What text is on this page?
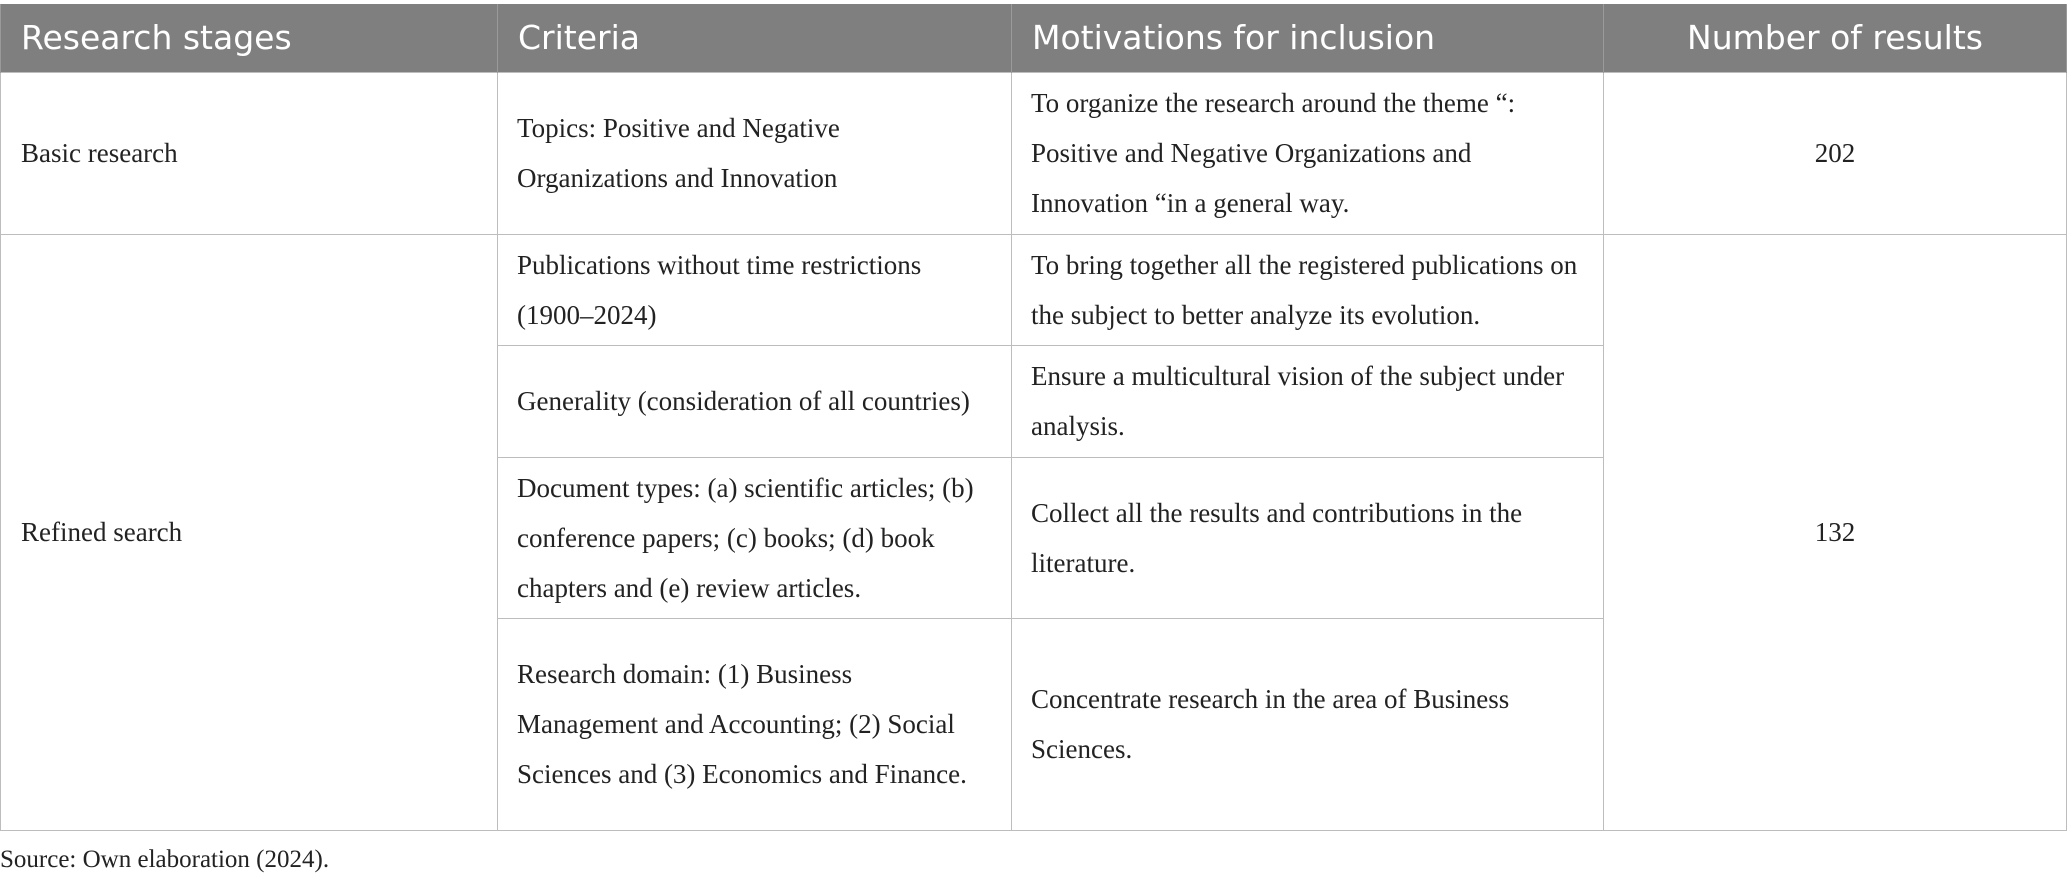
Research stages	Criteria	Motivations for inclusion	Number of results
Basic research	Topics: Positive and Negative Organizations and Innovation	To organize the research around the theme “: Positive and Negative Organizations and Innovation “in a general way.	202
Refined search	Publications without time restrictions (1900–2024)	To bring together all the registered publications on the subject to better analyze its evolution.	132
	Generality (consideration of all countries)	Ensure a multicultural vision of the subject under analysis.	
	Document types: (a) scientific articles; (b) conference papers; (c) books; (d) book chapters and (e) review articles.	Collect all the results and contributions in the literature.	
	Research domain: (1) Business Management and Accounting; (2) Social Sciences and (3) Economics and Finance.	Concentrate research in the area of Business Sciences.	

Source: Own elaboration (2024).
